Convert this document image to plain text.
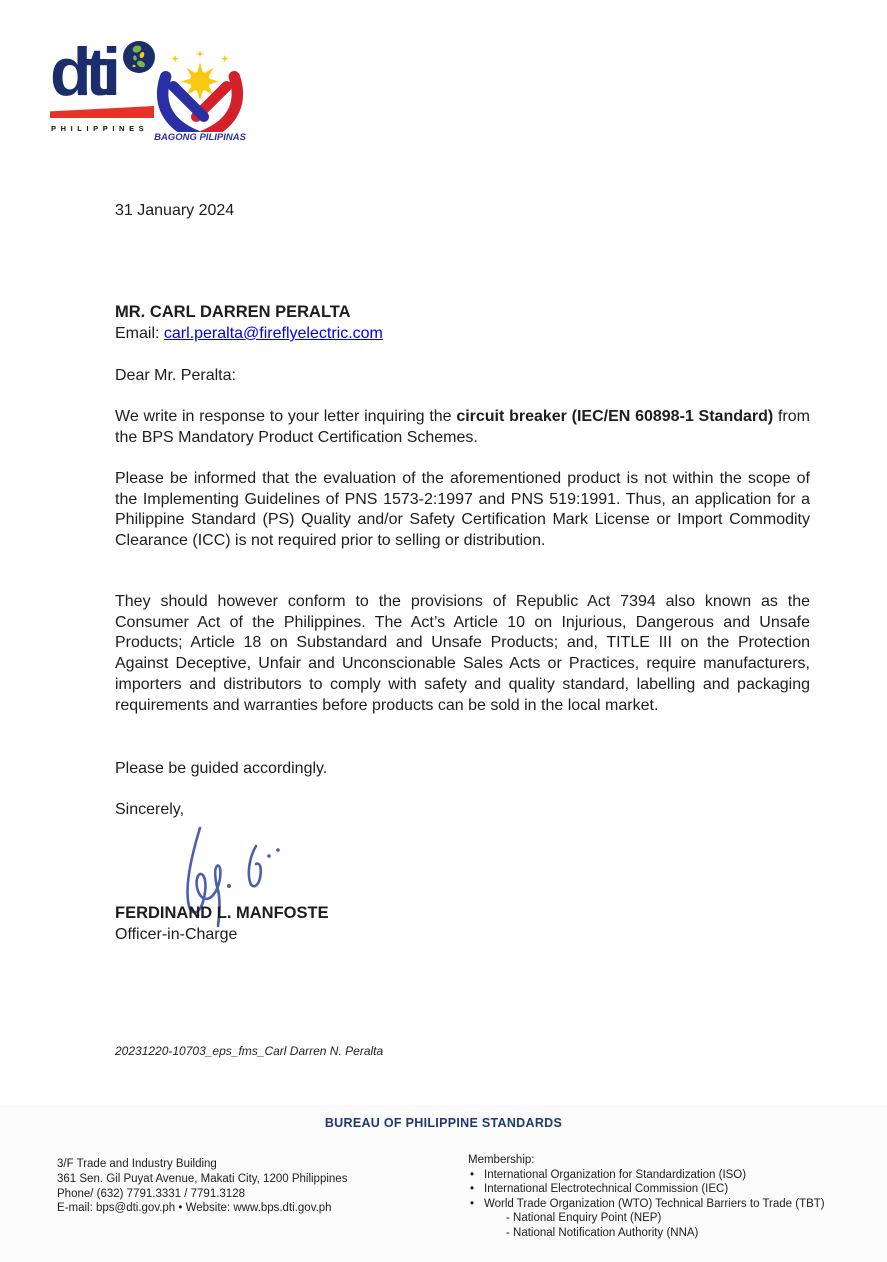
dti
PHILIPPINES
BAGONG PILIPINAS
31 January 2024
MR. CARL DARREN PERALTA
Email: carl.peralta@fireflyelectric.com
Dear Mr. Peralta:

We write in response to your letter inquiring the circuit breaker (IEC/EN 60898-1 Standard) from the BPS Mandatory Product Certification Schemes.

Please be informed that the evaluation of the aforementioned product is not within the scope of the Implementing Guidelines of PNS 1573-2:1997 and PNS 519:1991. Thus, an application for a Philippine Standard (PS) Quality and/or Safety Certification Mark License or Import Commodity Clearance (ICC) is not required prior to selling or distribution.

They should however conform to the provisions of Republic Act 7394 also known as the Consumer Act of the Philippines. The Act’s Article 10 on Injurious, Dangerous and Unsafe Products; Article 18 on Substandard and Unsafe Products; and, TITLE III on the Protection Against Deceptive, Unfair and Unconscionable Sales Acts or Practices, require manufacturers, importers and distributors to comply with safety and quality standard, labelling and packaging requirements and warranties before products can be sold in the local market.

Please be guided accordingly.
Sincerely,
FERDINAND L. MANFOSTE
Officer-in-Charge
20231220-10703_eps_fms_Carl Darren N. Peralta
BUREAU OF PHILIPPINE STANDARDS
3/F Trade and Industry Building
361 Sen. Gil Puyat Avenue, Makati City, 1200 Philippines
Phone/ (632) 7791.3331 / 7791.3128
E-mail: bps@dti.gov.ph • Website: www.bps.dti.gov.ph
Membership:
• International Organization for Standardization (ISO)
• International Electrotechnical Commission (IEC)
• World Trade Organization (WTO) Technical Barriers to Trade (TBT)
- National Enquiry Point (NEP)
- National Notification Authority (NNA)
